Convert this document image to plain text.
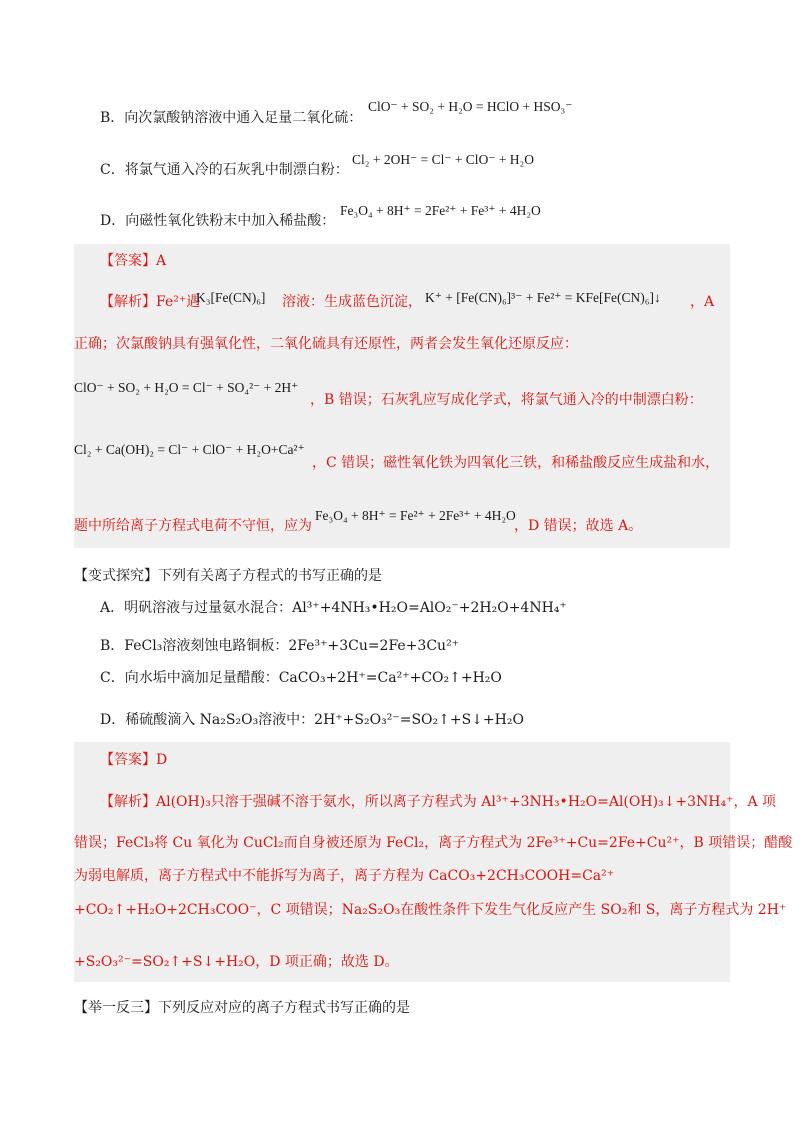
B．向次氯酸钠溶液中通入足量二氧化硫：
ClO⁻ + SO₂ + H₂O = HClO + HSO₃⁻
C．将氯气通入冷的石灰乳中制漂白粉：
Cl₂ + 2OH⁻ = Cl⁻ + ClO⁻ + H₂O
D．向磁性氧化铁粉末中加入稀盐酸：
Fe₃O₄ + 8H⁺ = 2Fe²⁺ + Fe³⁺ + 4H₂O
【答案】A
【解析】Fe²⁺遇
K₃[Fe(CN)₆] 溶液：生成蓝色沉淀， K⁺ + [Fe(CN)₆]³⁻ + Fe²⁺ = KFe[Fe(CN)₆]↓ ，A
正确；次氯酸钠具有强氧化性，二氧化硫具有还原性，两者会发生氧化还原反应：
ClO⁻ + SO₂ + H₂O = Cl⁻ + SO₄²⁻ + 2H⁺
，B 错误；石灰乳应写成化学式，将氯气通入冷的中制漂白粉：
Cl₂ + Ca(OH)₂ = Cl⁻ + ClO⁻ + H₂O+Ca²⁺
，C 错误；磁性氧化铁为四氧化三铁，和稀盐酸反应生成盐和水，
题中所给离子方程式电荷不守恒，应为
Fe₃O₄ + 8H⁺ = Fe²⁺ + 2Fe³⁺ + 4H₂O
，D 错误；故选 A。
【变式探究】下列有关离子方程式的书写正确的是
A．明矾溶液与过量氨水混合：Al³⁺+4NH₃•H₂O=AlO₂⁻+2H₂O+4NH₄⁺
B．FeCl₃溶液刻蚀电路铜板：2Fe³⁺+3Cu=2Fe+3Cu²⁺
C．向水垢中滴加足量醋酸：CaCO₃+2H⁺=Ca²⁺+CO₂↑+H₂O
D．稀硫酸滴入 Na₂S₂O₃溶液中：2H⁺+S₂O₃²⁻=SO₂↑+S↓+H₂O
【答案】D
【解析】Al(OH)₃只溶于强碱不溶于氨水，所以离子方程式为 Al³⁺+3NH₃•H₂O=Al(OH)₃↓+3NH₄⁺，A 项
错误；FeCl₃将 Cu 氧化为 CuCl₂而自身被还原为 FeCl₂，离子方程式为 2Fe³⁺+Cu=2Fe+Cu²⁺，B 项错误；醋酸
为弱电解质，离子方程式中不能拆写为离子，离子方程为 CaCO₃+2CH₃COOH=Ca²⁺
+CO₂↑+H₂O+2CH₃COO⁻，C 项错误；Na₂S₂O₃在酸性条件下发生气化反应产生 SO₂和 S，离子方程式为 2H⁺
+S₂O₃²⁻=SO₂↑+S↓+H₂O，D 项正确；故选 D。
【举一反三】下列反应对应的离子方程式书写正确的是
